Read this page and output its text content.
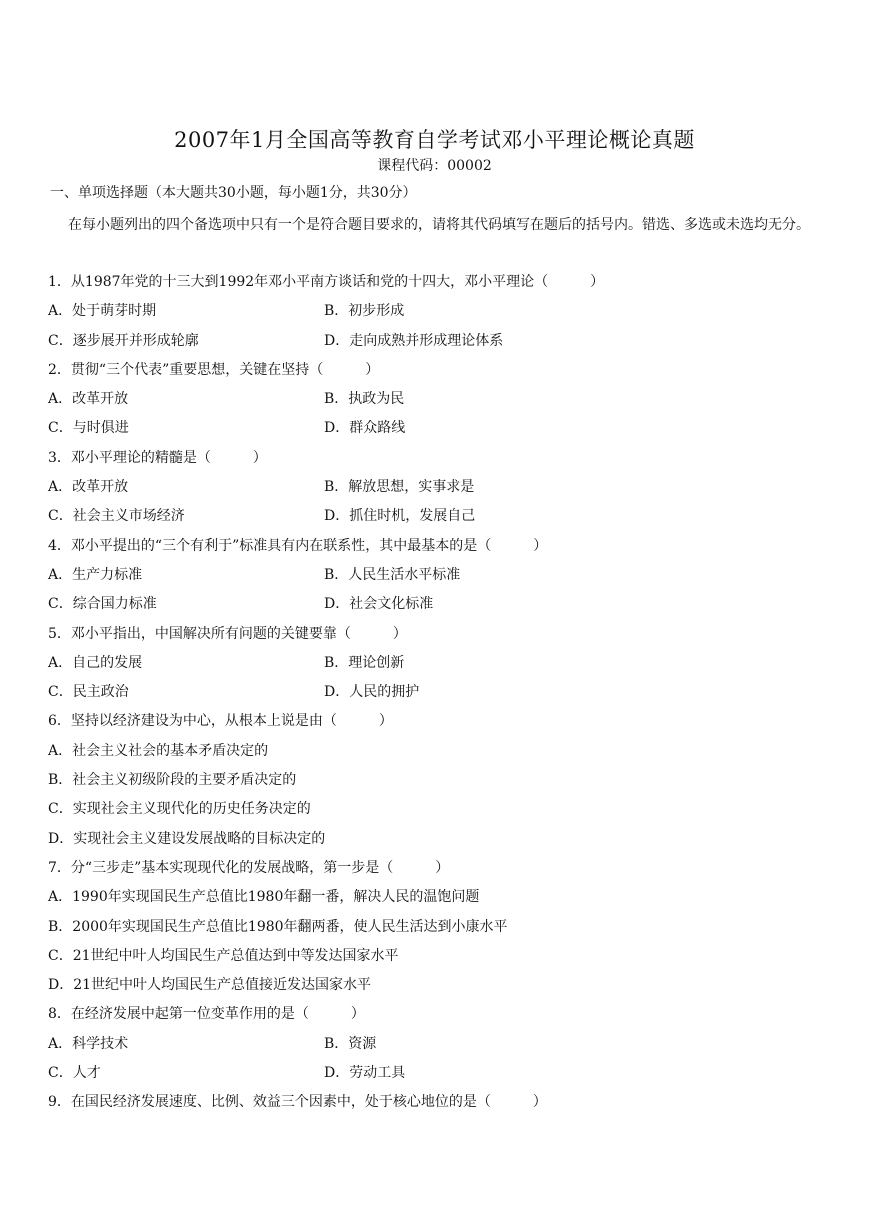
2007年1月全国高等教育自学考试邓小平理论概论真题
课程代码：00002
一、单项选择题（本大题共30小题，每小题1分，共30分）
在每小题列出的四个备选项中只有一个是符合题目要求的，请将其代码填写在题后的括号内。错选、多选或未选均无分。
1．从1987年党的十三大到1992年邓小平南方谈话和党的十四大，邓小平理论（　　　）
A．处于萌芽时期	B．初步形成
C．逐步展开并形成轮廓	D．走向成熟并形成理论体系
2．贯彻“三个代表”重要思想，关键在坚持（　　　）
A．改革开放	B．执政为民
C．与时俱进	D．群众路线
3．邓小平理论的精髓是（　　　）
A．改革开放	B．解放思想，实事求是
C．社会主义市场经济	D．抓住时机，发展自己
4．邓小平提出的“三个有利于”标准具有内在联系性，其中最基本的是（　　　）
A．生产力标准	B．人民生活水平标准
C．综合国力标准	D．社会文化标准
5．邓小平指出，中国解决所有问题的关键要靠（　　　）
A．自己的发展	B．理论创新
C．民主政治	D．人民的拥护
6．坚持以经济建设为中心，从根本上说是由（　　　）
A．社会主义社会的基本矛盾决定的
B．社会主义初级阶段的主要矛盾决定的
C．实现社会主义现代化的历史任务决定的
D．实现社会主义建设发展战略的目标决定的
7．分“三步走”基本实现现代化的发展战略，第一步是（　　　）
A．1990年实现国民生产总值比1980年翻一番，解决人民的温饱问题
B．2000年实现国民生产总值比1980年翻两番，使人民生活达到小康水平
C．21世纪中叶人均国民生产总值达到中等发达国家水平
D．21世纪中叶人均国民生产总值接近发达国家水平
8．在经济发展中起第一位变革作用的是（　　　）
A．科学技术	B．资源
C．人才	D．劳动工具
9．在国民经济发展速度、比例、效益三个因素中，处于核心地位的是（　　　）
